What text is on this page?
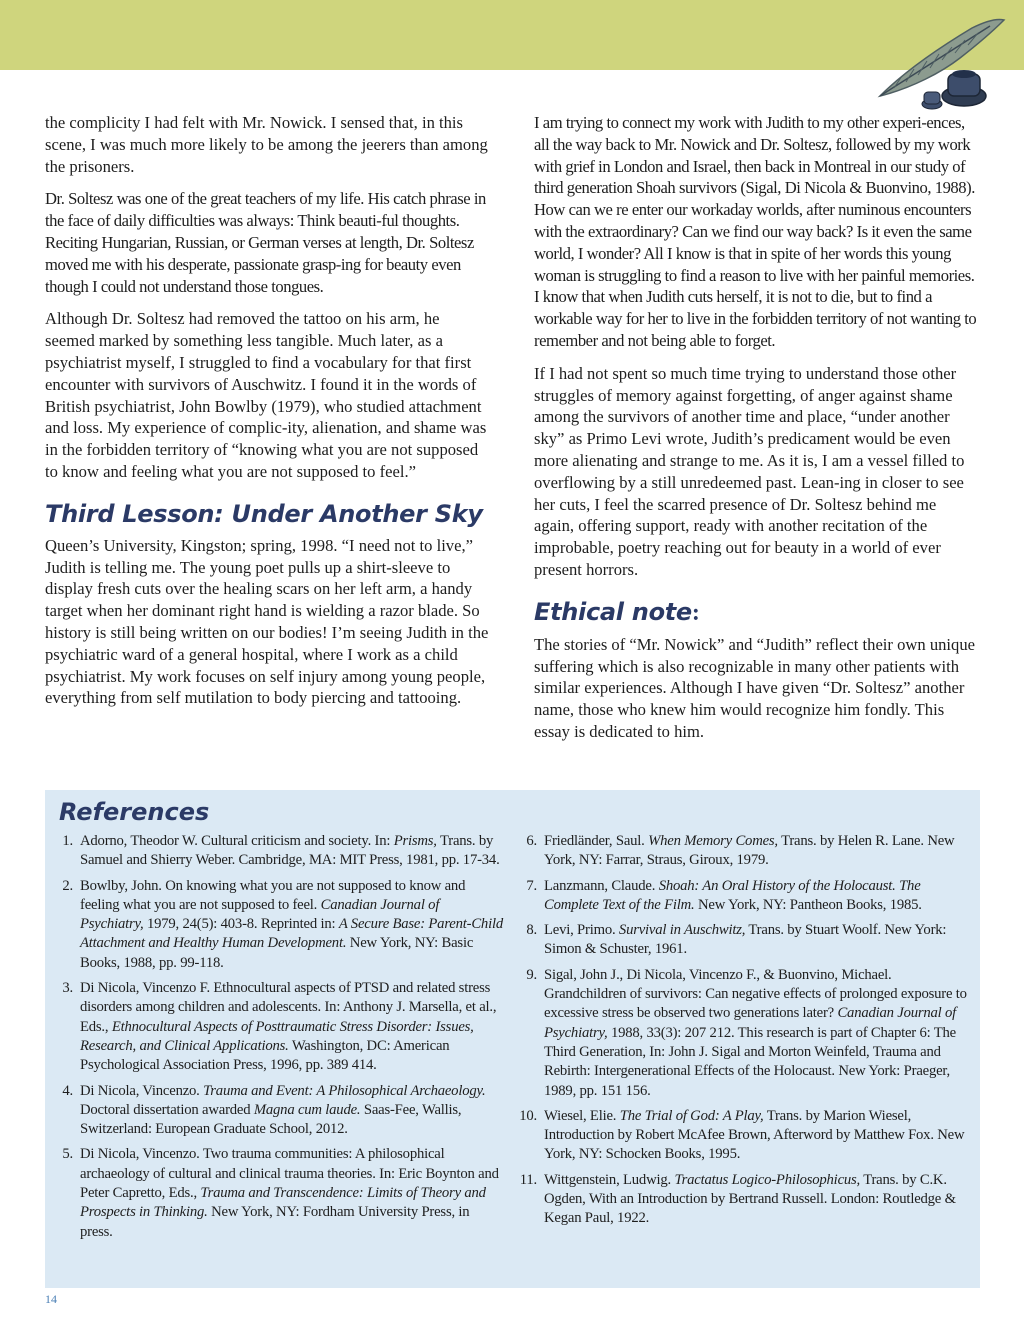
the complicity I had felt with Mr. Nowick. I sensed that, in this scene, I was much more likely to be among the jeerers than among the prisoners.

Dr. Soltesz was one of the great teachers of my life. His catch phrase in the face of daily difficulties was always: Think beauti-ful thoughts. Reciting Hungarian, Russian, or German verses at length, Dr. Soltesz moved me with his desperate, passionate grasp-ing for beauty even though I could not understand those tongues.

Although Dr. Soltesz had removed the tattoo on his arm, he seemed marked by something less tangible. Much later, as a psychiatrist myself, I struggled to find a vocabulary for that first encounter with survivors of Auschwitz. I found it in the words of British psychiatrist, John Bowlby (1979), who studied attachment and loss. My experience of complic-ity, alienation, and shame was in the forbidden territory of “knowing what you are not supposed to know and feeling what you are not supposed to feel.”

Third Lesson: Under Another Sky

Queen’s University, Kingston; spring, 1998. “I need not to live,” Judith is telling me. The young poet pulls up a shirt-sleeve to display fresh cuts over the healing scars on her left arm, a handy target when her dominant right hand is wielding a razor blade. So history is still being written on our bodies! I’m seeing Judith in the psychiatric ward of a general hospital, where I work as a child psychiatrist. My work focuses on self injury among young people, everything from self mutilation to body piercing and tattooing.

I am trying to connect my work with Judith to my other experi-ences, all the way back to Mr. Nowick and Dr. Soltesz, followed by my work with grief in London and Israel, then back in Montreal in our study of third generation Shoah survivors (Sigal, Di Nicola & Buonvino, 1988). How can we re enter our workaday worlds, after numinous encounters with the extraordinary? Can we find our way back? Is it even the same world, I wonder? All I know is that in spite of her words this young woman is struggling to find a reason to live with her painful memories. I know that when Judith cuts herself, it is not to die, but to find a workable way for her to live in the forbidden territory of not wanting to remember and not being able to forget.

If I had not spent so much time trying to understand those other struggles of memory against forgetting, of anger against shame among the survivors of another time and place, “under another sky” as Primo Levi wrote, Judith’s predicament would be even more alienating and strange to me. As it is, I am a vessel filled to overflowing by a still unredeemed past. Lean-ing in closer to see her cuts, I feel the scarred presence of Dr. Soltesz behind me again, offering support, ready with another recitation of the improbable, poetry reaching out for beauty in a world of ever present horrors.

Ethical note:

The stories of “Mr. Nowick” and “Judith” reflect their own unique suffering which is also recognizable in many other patients with similar experiences. Although I have given “Dr. Soltesz” another name, those who knew him would recognize him fondly. This essay is dedicated to him.

References
1. Adorno, Theodor W. Cultural criticism and society. In: Prisms, Trans. by Samuel and Shierry Weber. Cambridge, MA: MIT Press, 1981, pp. 17-34.
2. Bowlby, John. On knowing what you are not supposed to know and feeling what you are not supposed to feel. Canadian Journal of Psychiatry, 1979, 24(5): 403-8. Reprinted in: A Secure Base: Parent-Child Attachment and Healthy Human Development. New York, NY: Basic Books, 1988, pp. 99-118.
3. Di Nicola, Vincenzo F. Ethnocultural aspects of PTSD and related stress disorders among children and adolescents. In: Anthony J. Marsella, et al., Eds., Ethnocultural Aspects of Posttraumatic Stress Disorder: Issues, Research, and Clinical Applications. Washington, DC: American Psychological Association Press, 1996, pp. 389 414.
4. Di Nicola, Vincenzo. Trauma and Event: A Philosophical Archaeology. Doctoral dissertation awarded Magna cum laude. Saas-Fee, Wallis, Switzerland: European Graduate School, 2012.
5. Di Nicola, Vincenzo. Two trauma communities: A philosophical archaeology of cultural and clinical trauma theories. In: Eric Boynton and Peter Capretto, Eds., Trauma and Transcendence: Limits of Theory and Prospects in Thinking. New York, NY: Fordham University Press, in press.
6. Friedländer, Saul. When Memory Comes, Trans. by Helen R. Lane. New York, NY: Farrar, Straus, Giroux, 1979.
7. Lanzmann, Claude. Shoah: An Oral History of the Holocaust. The Complete Text of the Film. New York, NY: Pantheon Books, 1985.
8. Levi, Primo. Survival in Auschwitz, Trans. by Stuart Woolf. New York: Simon & Schuster, 1961.
9. Sigal, John J., Di Nicola, Vincenzo F., & Buonvino, Michael. Grandchildren of survivors: Can negative effects of prolonged exposure to excessive stress be observed two generations later? Canadian Journal of Psychiatry, 1988, 33(3): 207 212. This research is part of Chapter 6: The Third Generation, In: John J. Sigal and Morton Weinfeld, Trauma and Rebirth: Intergenerational Effects of the Holocaust. New York: Praeger, 1989, pp. 151 156.
10. Wiesel, Elie. The Trial of God: A Play, Trans. by Marion Wiesel, Introduction by Robert McAfee Brown, Afterword by Matthew Fox. New York, NY: Schocken Books, 1995.
11. Wittgenstein, Ludwig. Tractatus Logico-Philosophicus, Trans. by C.K. Ogden, With an Introduction by Bertrand Russell. London: Routledge & Kegan Paul, 1922.
14
